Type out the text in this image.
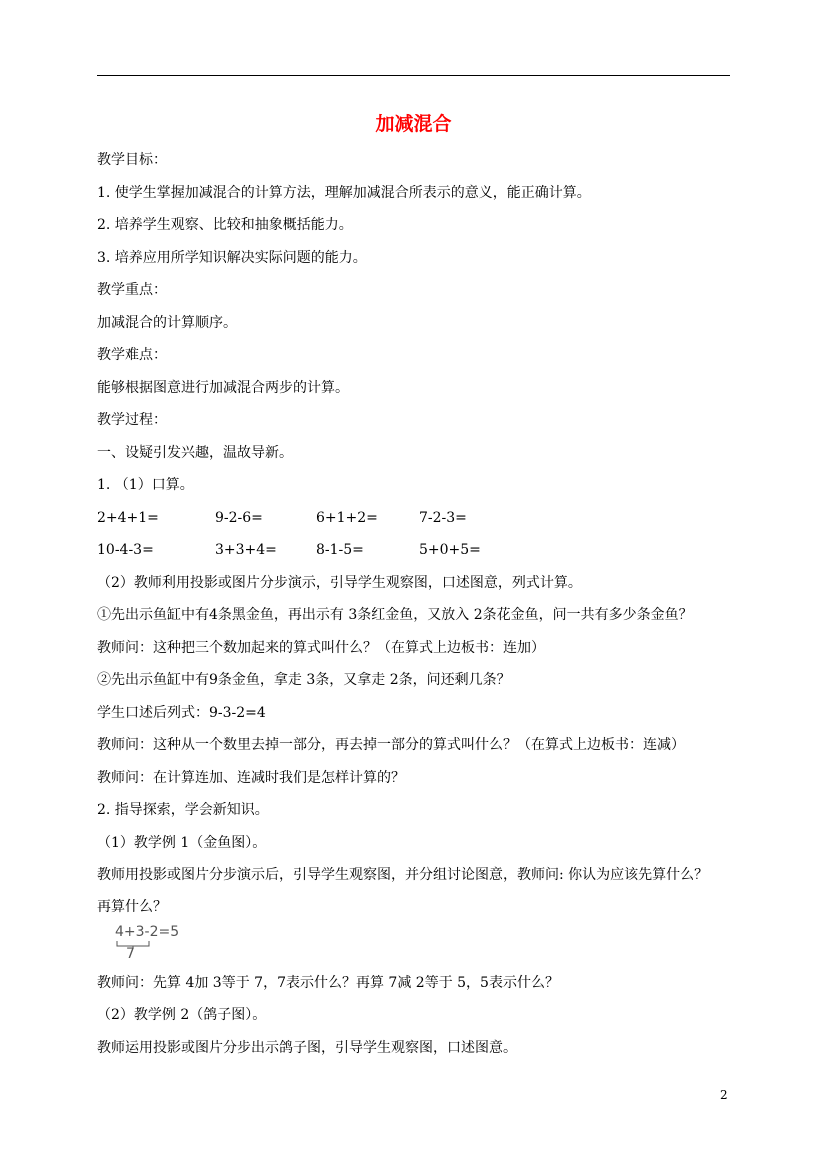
加减混合
教学目标：
1. 使学生掌握加减混合的计算方法，理解加减混合所表示的意义，能正确计算。
2. 培养学生观察、比较和抽象概括能力。
3. 培养应用所学知识解决实际问题的能力。
教学重点：
加减混合的计算顺序。
教学难点：
能够根据图意进行加减混合两步的计算。
教学过程：
一、设疑引发兴趣，温故导新。
1. （1）口算。
2+4+1=	9-2-6=	6+1+2=	7-2-3=
10-4-3=	3+3+4=	8-1-5=	5+0+5=
（2）教师利用投影或图片分步演示，引导学生观察图，口述图意，列式计算。
①先出示鱼缸中有4条黑金鱼，再出示有 3条红金鱼，又放入 2条花金鱼，问一共有多少条金鱼？
教师问：这种把三个数加起来的算式叫什么？（在算式上边板书：连加）
②先出示鱼缸中有9条金鱼，拿走 3条，又拿走 2条，问还剩几条？
学生口述后列式：9-3-2=4
教师问：这种从一个数里去掉一部分，再去掉一部分的算式叫什么？（在算式上边板书：连减）
教师问：在计算连加、连减时我们是怎样计算的？
2. 指导探索，学会新知识。
（1）教学例 1（金鱼图）。
教师用投影或图片分步演示后，引导学生观察图，并分组讨论图意，教师问: 你认为应该先算什么？
再算什么？
4+3-2=5
7
教师问：先算 4加 3等于 7，7表示什么？再算 7减 2等于 5，5表示什么？
（2）教学例 2（鸽子图）。
教师运用投影或图片分步出示鸽子图，引导学生观察图，口述图意。
2
